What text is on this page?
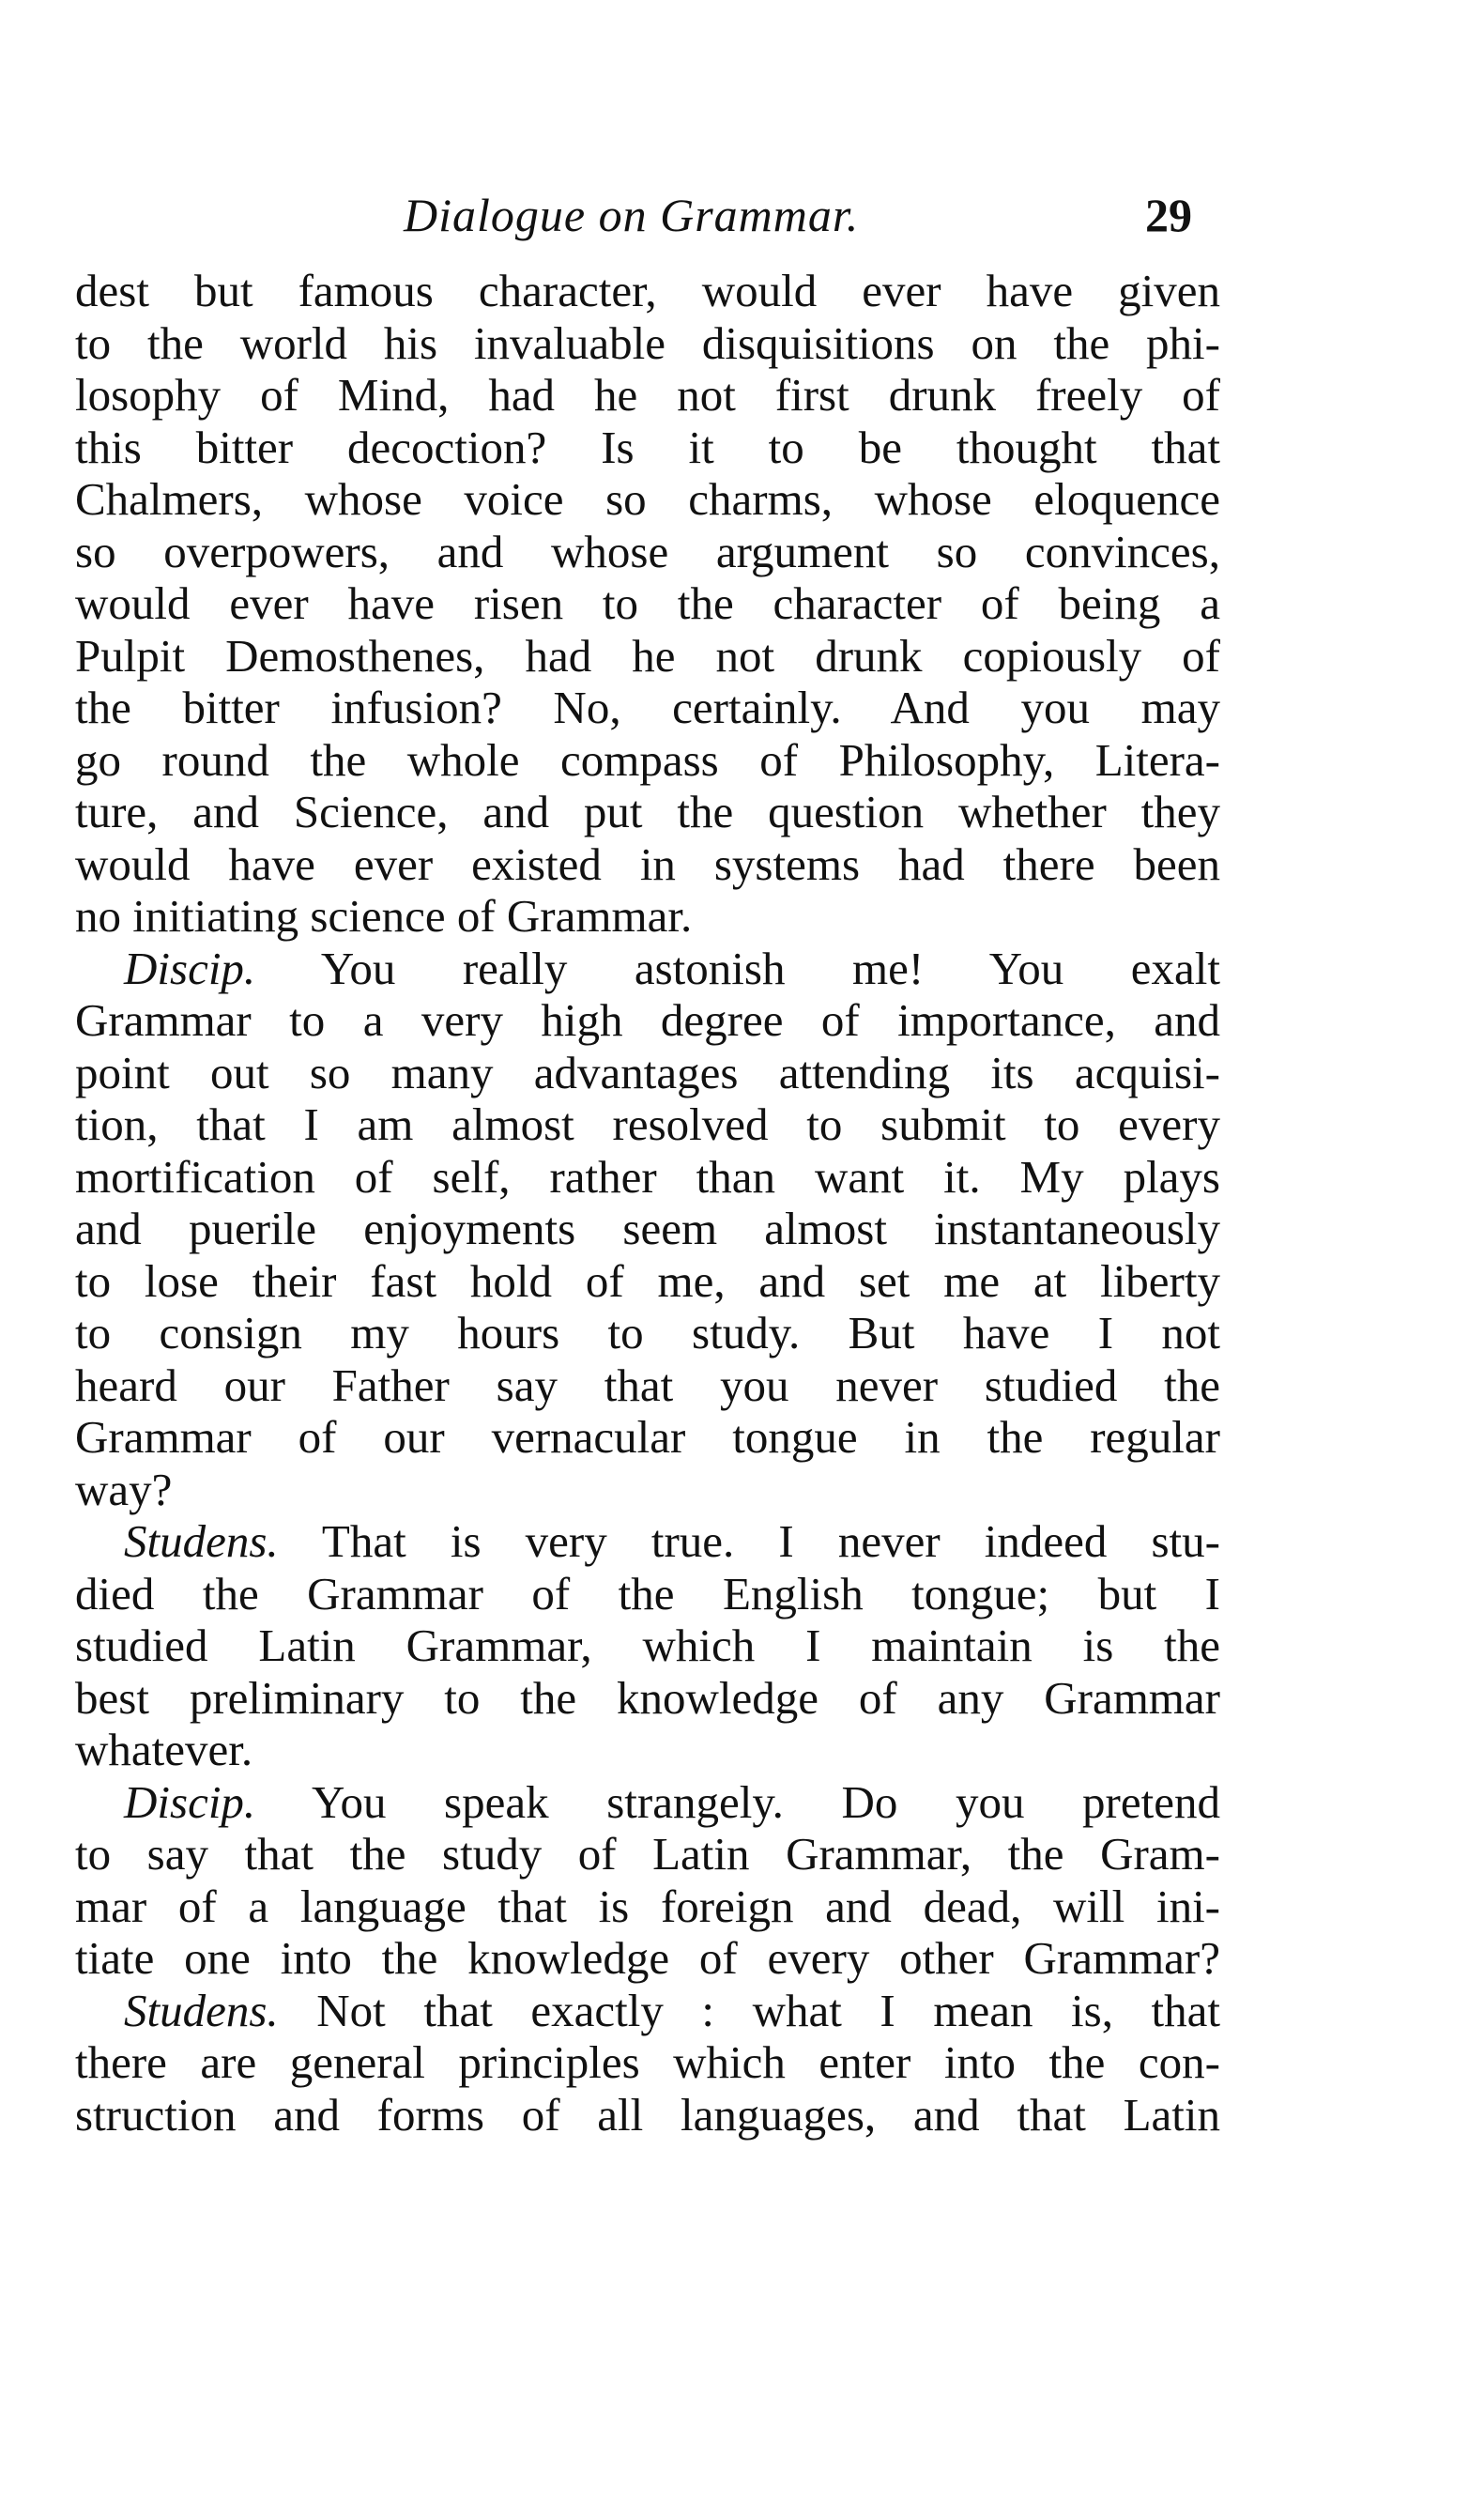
Dialogue on Grammar.	29
dest but famous character, would ever have given
to the world his invaluable disquisitions on the phi-
losophy of Mind, had he not first drunk freely of
this bitter decoction? Is it to be thought that
Chalmers, whose voice so charms, whose eloquence
so overpowers, and whose argument so convinces,
would ever have risen to the character of being a
Pulpit Demosthenes, had he not drunk copiously of
the bitter infusion? No, certainly. And you may
go round the whole compass of Philosophy, Litera-
ture, and Science, and put the question whether they
would have ever existed in systems had there been
no initiating science of Grammar.
Discip. You really astonish me! You exalt
Grammar to a very high degree of importance, and
point out so many advantages attending its acquisi-
tion, that I am almost resolved to submit to every
mortification of self, rather than want it. My plays
and puerile enjoyments seem almost instantaneously
to lose their fast hold of me, and set me at liberty
to consign my hours to study. But have I not
heard our Father say that you never studied the
Grammar of our vernacular tongue in the regular
way?
Studens. That is very true. I never indeed stu-
died the Grammar of the English tongue; but I
studied Latin Grammar, which I maintain is the
best preliminary to the knowledge of any Grammar
whatever.
Discip. You speak strangely. Do you pretend
to say that the study of Latin Grammar, the Gram-
mar of a language that is foreign and dead, will ini-
tiate one into the knowledge of every other Grammar?
Studens. Not that exactly : what I mean is, that
there are general principles which enter into the con-
struction and forms of all languages, and that Latin
